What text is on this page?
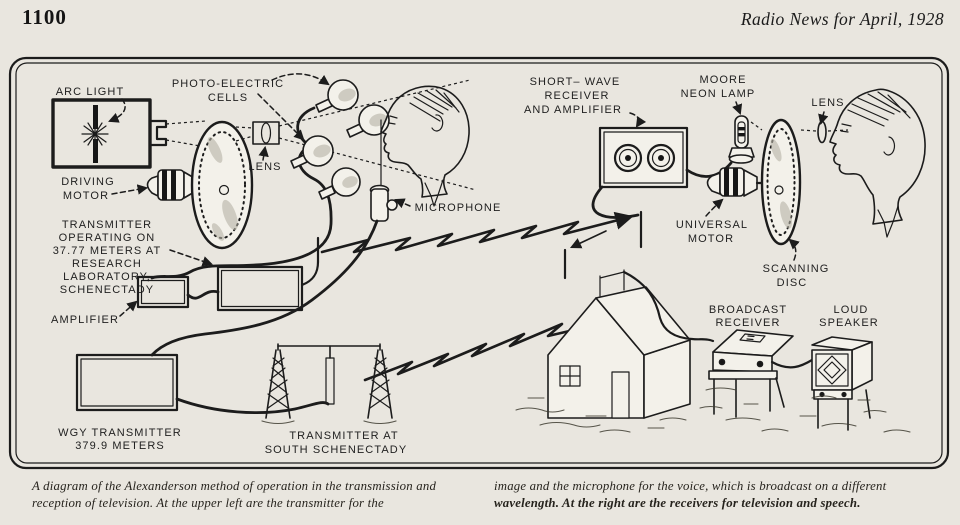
1100	Radio News for April, 1928
ARC LIGHT
DRIVING
MOTOR
LENS
PHOTO-ELECTRIC
CELLS
MICROPHONE
TRANSMITTER
OPERATING ON
37.77 METERS AT
RESEARCH
LABORATORY,
SCHENECTADY
AMPLIFIER
SHORT– WAVE
RECEIVER
AND AMPLIFIER
MOORE
NEON LAMP
UNIVERSAL
MOTOR
SCANNING
DISC
LENS
WGY TRANSMITTER
379.9 METERS
TRANSMITTER AT
SOUTH SCHENECTADY
BROADCAST
RECEIVER
LOUD
SPEAKER
A diagram of the Alexanderson method of operation in the transmission and reception of television. At the upper left are the transmitter for the
image and the microphone for the voice, which is broadcast on a different wavelength. At the right are the receivers for television and speech.
